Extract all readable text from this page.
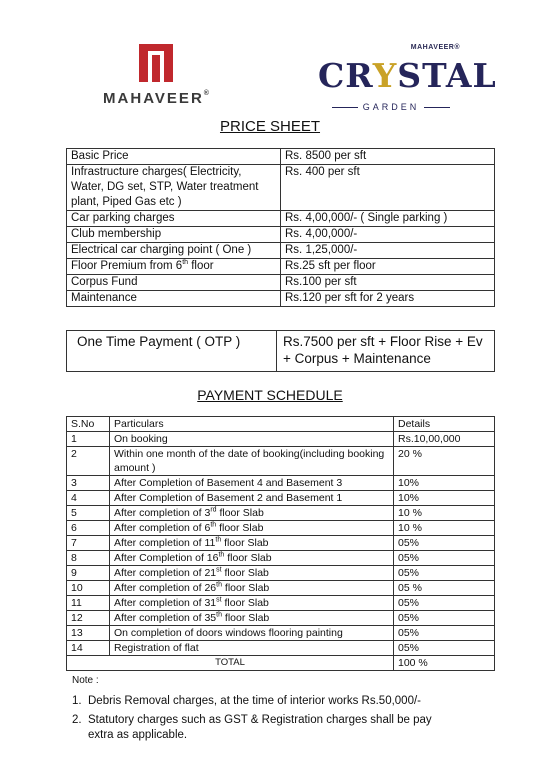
MAHAVEER®
MAHAVEER®
CRYSTAL
GARDEN
PRICE SHEET
Basic Price	Rs. 8500 per sft
Infrastructure charges( Electricity, Water, DG set, STP, Water treatment plant, Piped Gas etc )	Rs. 400 per sft
Car parking charges	Rs. 4,00,000/- ( Single parking )
Club membership	Rs. 4,00,000/-
Electrical car charging point ( One )	Rs. 1,25,000/-
Floor Premium from 6th floor	Rs.25 sft per floor
Corpus Fund	Rs.100 per sft
Maintenance	Rs.120 per sft for 2 years
One Time Payment ( OTP )	Rs.7500 per sft + Floor Rise + Ev + Corpus + Maintenance
PAYMENT SCHEDULE
S.No	Particulars	Details
1	On booking	Rs.10,00,000
2	Within one month of the date of booking(including booking amount )	20 %
3	After Completion of Basement 4 and Basement 3	10%
4	After Completion of Basement 2 and Basement 1	10%
5	After completion of 3rd floor Slab	10 %
6	After completion of 6th floor Slab	10 %
7	After completion of 11th floor Slab	05%
8	After Completion of 16th floor Slab	05%
9	After completion of 21st floor Slab	05%
10	After completion of 26th floor Slab	05 %
11	After completion of 31st floor Slab	05%
12	After completion of 35th floor Slab	05%
13	On completion of doors windows flooring painting	05%
14	Registration of flat	05%
TOTAL		100 %
Note :
1. Debris Removal charges, at the time of interior works Rs.50,000/-
2. Statutory charges such as GST & Registration charges shall be pay extra as applicable.
